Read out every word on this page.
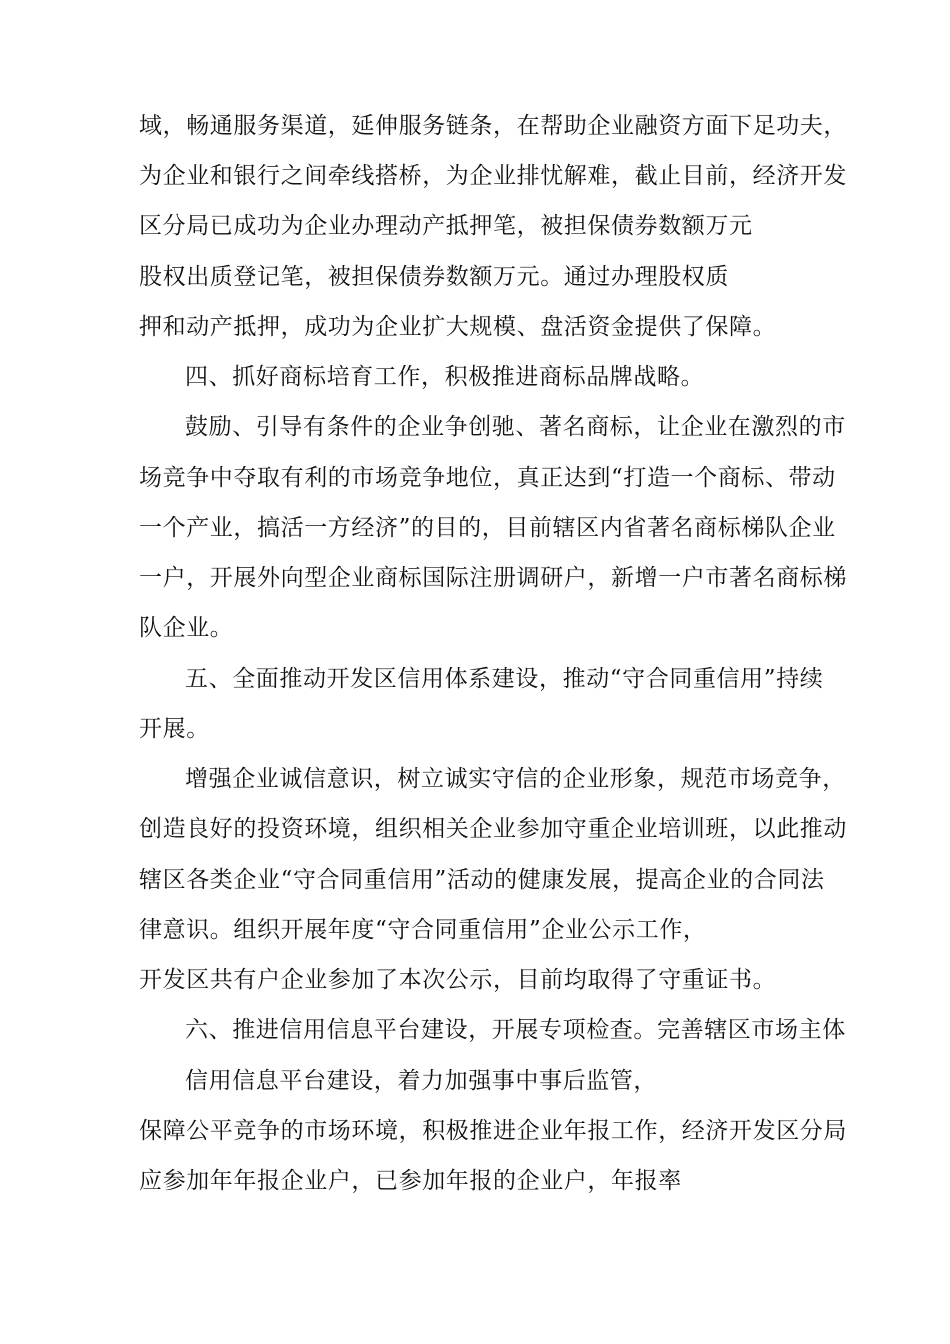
域，畅通服务渠道，延伸服务链条，在帮助企业融资方面下足功夫，
为企业和银行之间牵线搭桥，为企业排忧解难，截止目前，经济开发
区分局已成功为企业办理动产抵押笔，被担保债券数额万元
股权出质登记笔，被担保债券数额万元。通过办理股权质
押和动产抵押，成功为企业扩大规模、盘活资金提供了保障。
四、抓好商标培育工作，积极推进商标品牌战略。
鼓励、引导有条件的企业争创驰、著名商标，让企业在激烈的市
场竞争中夺取有利的市场竞争地位，真正达到“打造一个商标、带动
一个产业，搞活一方经济”的目的，目前辖区内省著名商标梯队企业
一户，开展外向型企业商标国际注册调研户，新增一户市著名商标梯
队企业。
五、全面推动开发区信用体系建设，推动“守合同重信用”持续
开展。
增强企业诚信意识，树立诚实守信的企业形象，规范市场竞争，
创造良好的投资环境，组织相关企业参加守重企业培训班，以此推动
辖区各类企业“守合同重信用”活动的健康发展，提高企业的合同法
律意识。组织开展年度“守合同重信用”企业公示工作，
开发区共有户企业参加了本次公示，目前均取得了守重证书。
六、推进信用信息平台建设，开展专项检查。完善辖区市场主体
信用信息平台建设，着力加强事中事后监管，
保障公平竞争的市场环境，积极推进企业年报工作，经济开发区分局
应参加年年报企业户，已参加年报的企业户，年报率
